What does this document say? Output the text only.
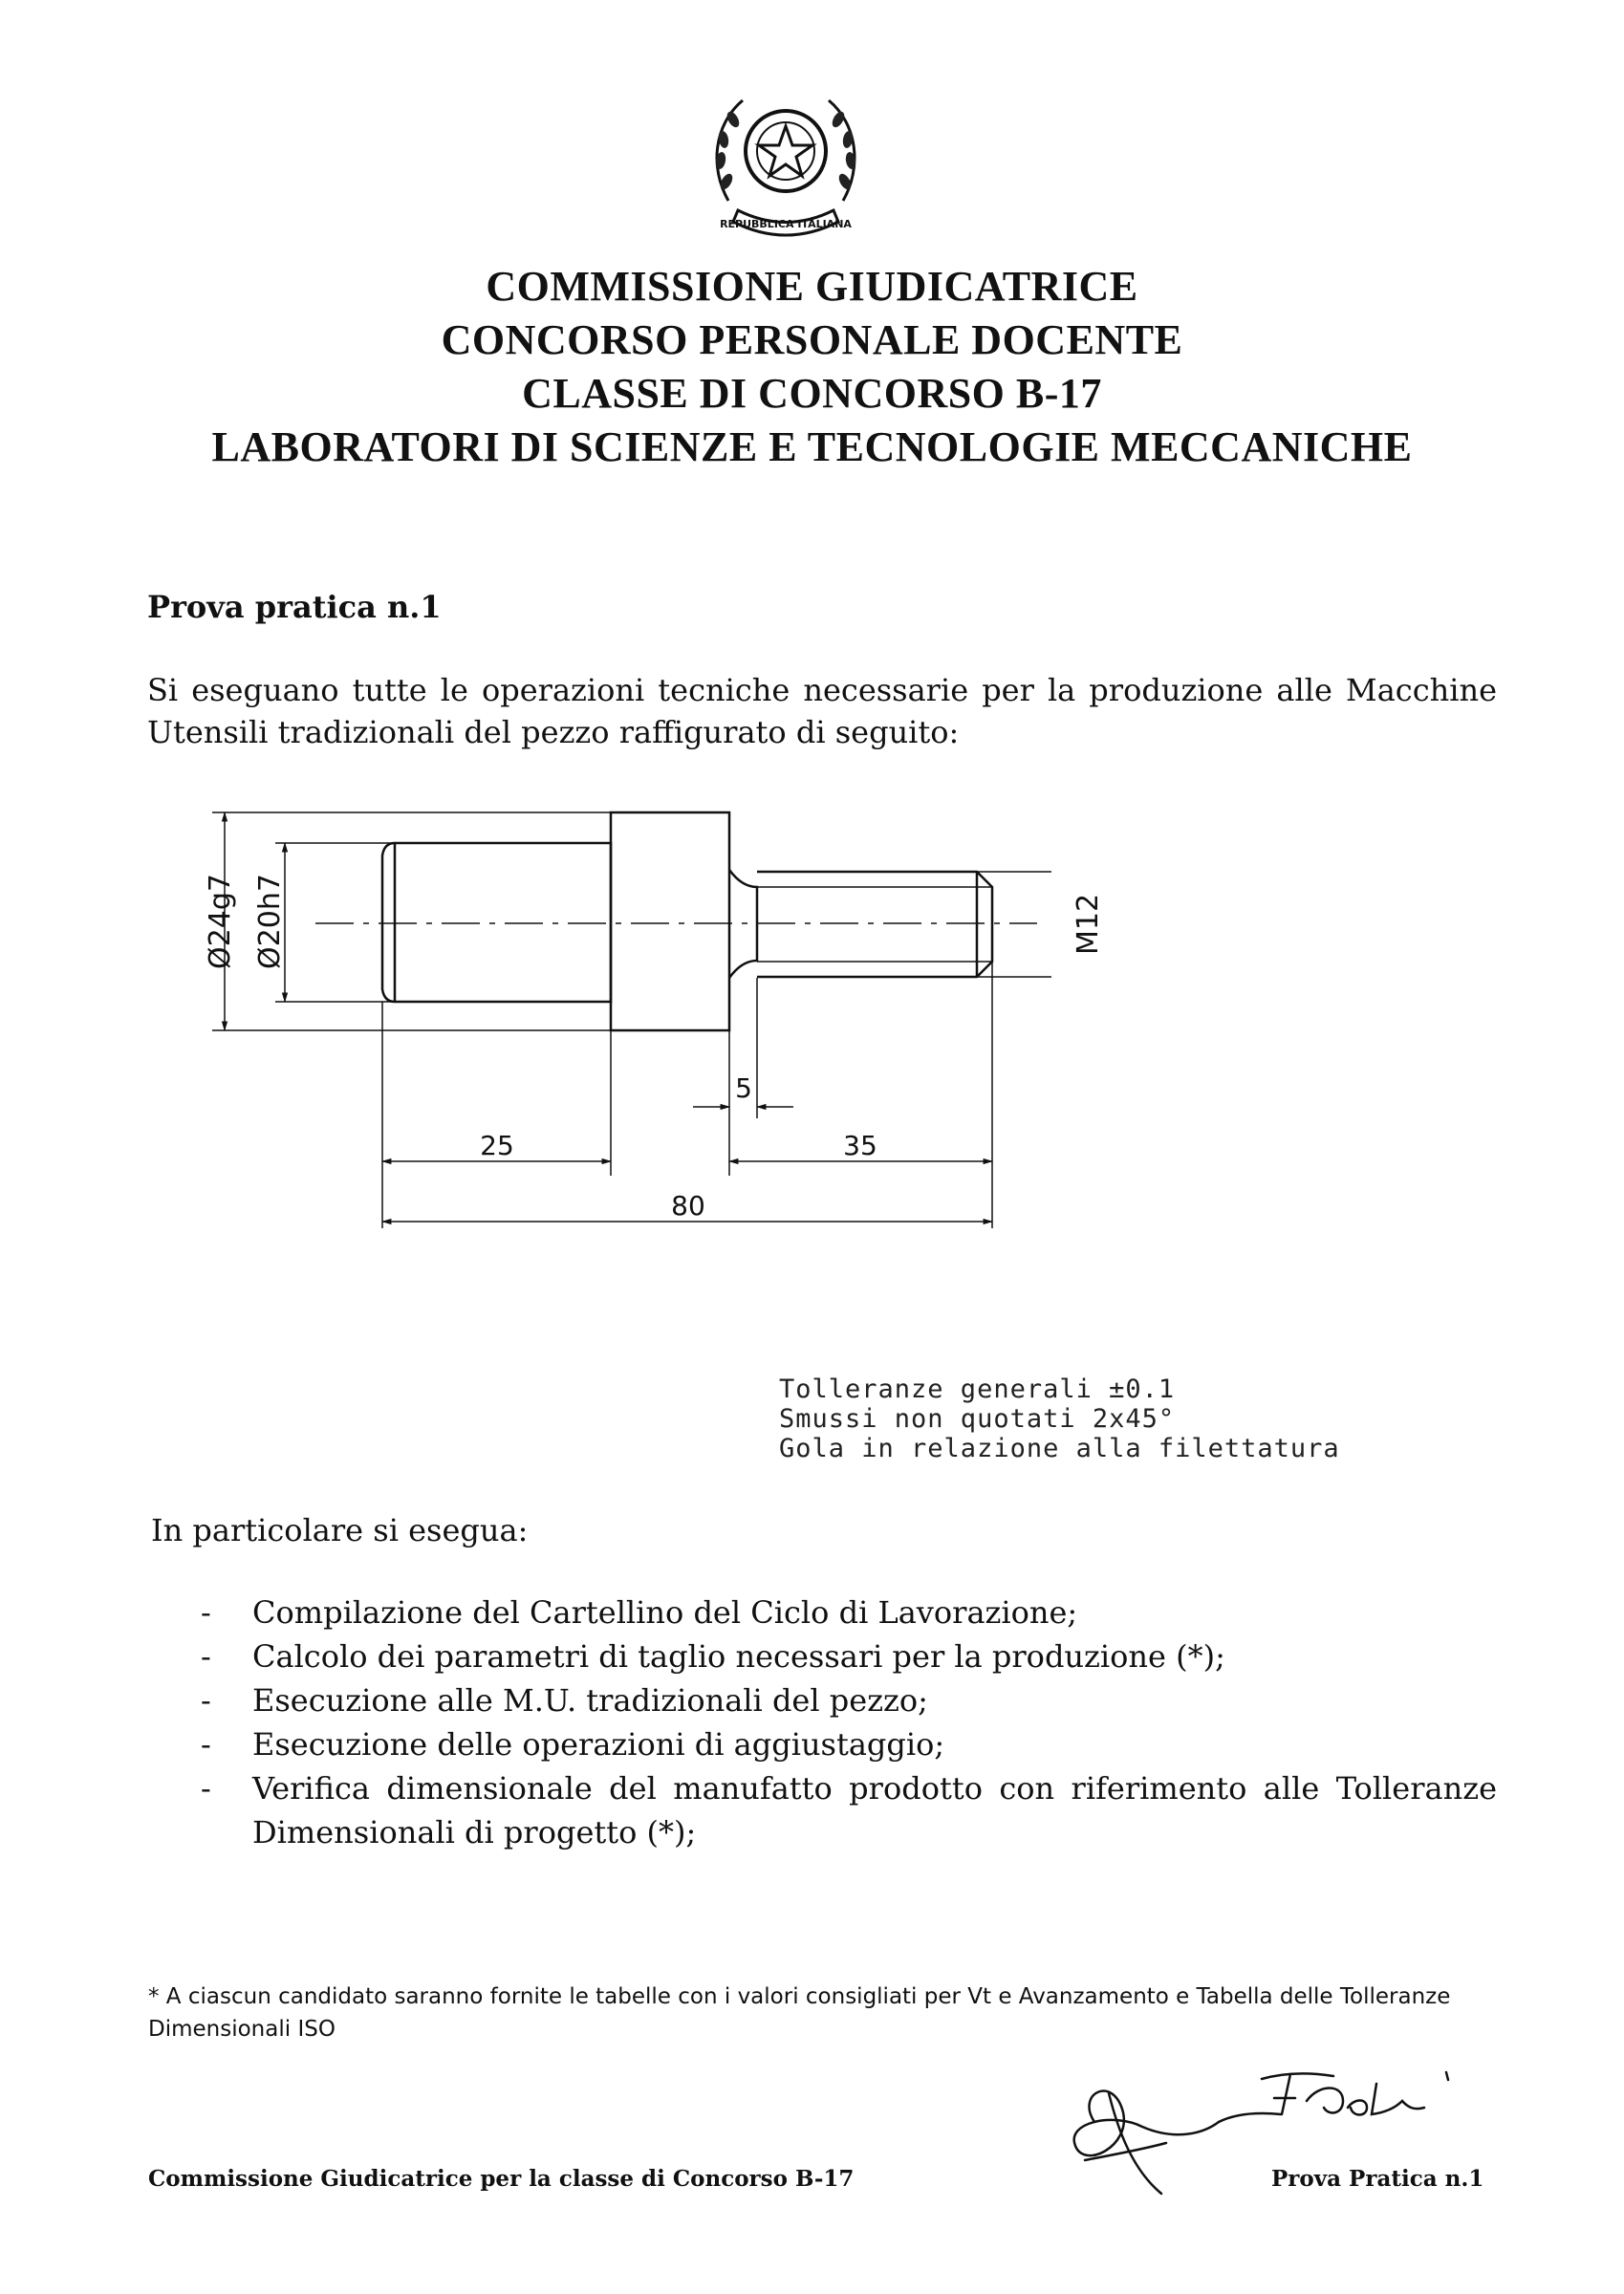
REPUBBLICA ITALIANA
COMMISSIONE GIUDICATRICE
CONCORSO PERSONALE DOCENTE
CLASSE DI CONCORSO B-17
LABORATORI DI SCIENZE E TECNOLOGIE MECCANICHE
Prova pratica n.1
Si eseguano tutte le operazioni tecniche necessarie per la produzione alle Macchine Utensili tradizionali del pezzo raffigurato di seguito:
Ø24g7 Ø20h7
25	35
80
5
M12
Tolleranze generali ±0.1
Smussi non quotati 2x45°
Gola in relazione alla filettatura
In particolare si esegua:
- Compilazione del Cartellino del Ciclo di Lavorazione;
- Calcolo dei parametri di taglio necessari per la produzione (*);
- Esecuzione alle M.U. tradizionali del pezzo;
- Esecuzione delle operazioni di aggiustaggio;
- Verifica dimensionale del manufatto prodotto con riferimento alle Tolleranze Dimensionali di progetto (*);
* A ciascun candidato saranno fornite le tabelle con i valori consigliati per Vt e Avanzamento e Tabella delle Tolleranze Dimensionali ISO
Commissione Giudicatrice per la classe di Concorso B-17	Prova Pratica n.1
